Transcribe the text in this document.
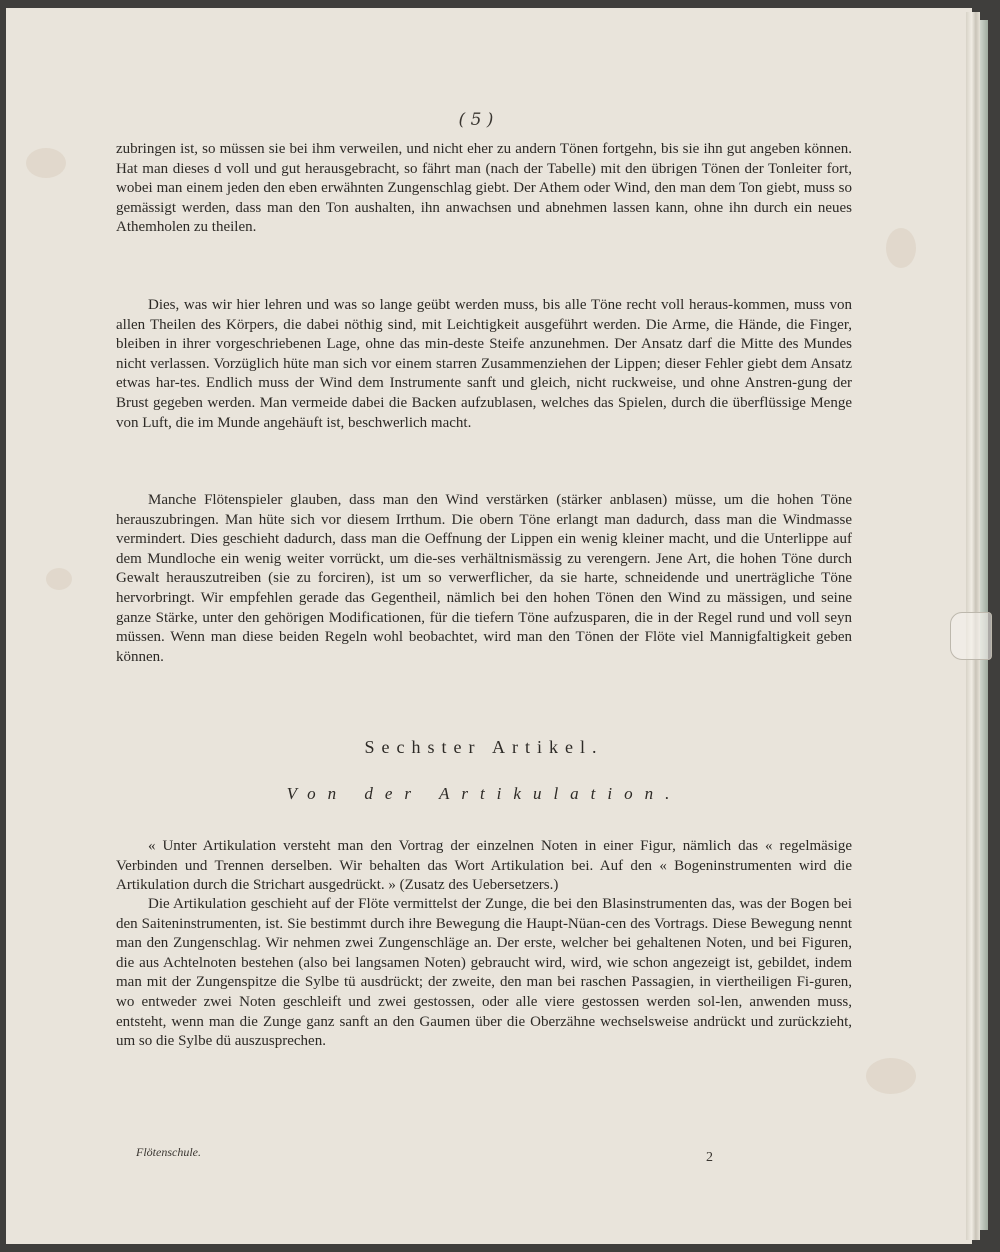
( 5 )

zubringen ist, so müssen sie bei ihm verweilen, und nicht eher zu andern Tönen fortgehn, bis sie ihn gut angeben können. Hat man dieses d voll und gut herausgebracht, so fährt man (nach der Tabelle) mit den übrigen Tönen der Tonleiter fort, wobei man einem jeden den eben erwähnten Zungenschlag giebt. Der Athem oder Wind, den man dem Ton giebt, muss so gemässigt werden, dass man den Ton aushalten, ihn anwachsen und abnehmen lassen kann, ohne ihn durch ein neues Athemholen zu theilen.

Dies, was wir hier lehren und was so lange geübt werden muss, bis alle Töne recht voll heraus-kommen, muss von allen Theilen des Körpers, die dabei nöthig sind, mit Leichtigkeit ausgeführt werden. Die Arme, die Hände, die Finger, bleiben in ihrer vorgeschriebenen Lage, ohne das min-deste Steife anzunehmen. Der Ansatz darf die Mitte des Mundes nicht verlassen. Vorzüglich hüte man sich vor einem starren Zusammenziehen der Lippen; dieser Fehler giebt dem Ansatz etwas har-tes. Endlich muss der Wind dem Instrumente sanft und gleich, nicht ruckweise, und ohne Anstren-gung der Brust gegeben werden. Man vermeide dabei die Backen aufzublasen, welches das Spielen, durch die überflüssige Menge von Luft, die im Munde angehäuft ist, beschwerlich macht.

Manche Flötenspieler glauben, dass man den Wind verstärken (stärker anblasen) müsse, um die hohen Töne herauszubringen. Man hüte sich vor diesem Irrthum. Die obern Töne erlangt man dadurch, dass man die Windmasse vermindert. Dies geschieht dadurch, dass man die Oeffnung der Lippen ein wenig kleiner macht, und die Unterlippe auf dem Mundloche ein wenig weiter vorrückt, um die-ses verhältnismässig zu verengern. Jene Art, die hohen Töne durch Gewalt herauszutreiben (sie zu forciren), ist um so verwerflicher, da sie harte, schneidende und unerträgliche Töne hervorbringt. Wir empfehlen gerade das Gegentheil, nämlich bei den hohen Tönen den Wind zu mässigen, und seine ganze Stärke, unter den gehörigen Modificationen, für die tiefern Töne aufzusparen, die in der Regel rund und voll seyn müssen. Wenn man diese beiden Regeln wohl beobachtet, wird man den Tönen der Flöte viel Mannigfaltigkeit geben können.

Sechster Artikel.
Von der Artikulation.

« Unter Artikulation versteht man den Vortrag der einzelnen Noten in einer Figur, nämlich das « regelmäsige Verbinden und Trennen derselben. Wir behalten das Wort Artikulation bei. Auf den « Bogeninstrumenten wird die Artikulation durch die Strichart ausgedrückt. » (Zusatz des Uebersetzers.)

Die Artikulation geschieht auf der Flöte vermittelst der Zunge, die bei den Blasinstrumenten das, was der Bogen bei den Saiteninstrumenten, ist. Sie bestimmt durch ihre Bewegung die Haupt-Nüan-cen des Vortrags. Diese Bewegung nennt man den Zungenschlag. Wir nehmen zwei Zungenschläge an. Der erste, welcher bei gehaltenen Noten, und bei Figuren, die aus Achtelnoten bestehen (also bei langsamen Noten) gebraucht wird, wird, wie schon angezeigt ist, gebildet, indem man mit der Zungenspitze die Sylbe tü ausdrückt; der zweite, den man bei raschen Passagien, in viertheiligen Fi-guren, wo entweder zwei Noten geschleift und zwei gestossen, oder alle viere gestossen werden sol-len, anwenden muss, entsteht, wenn man die Zunge ganz sanft an den Gaumen über die Oberzähne wechselsweise andrückt und zurückzieht, um so die Sylbe dü auszusprechen.

Flötenschule.	2
